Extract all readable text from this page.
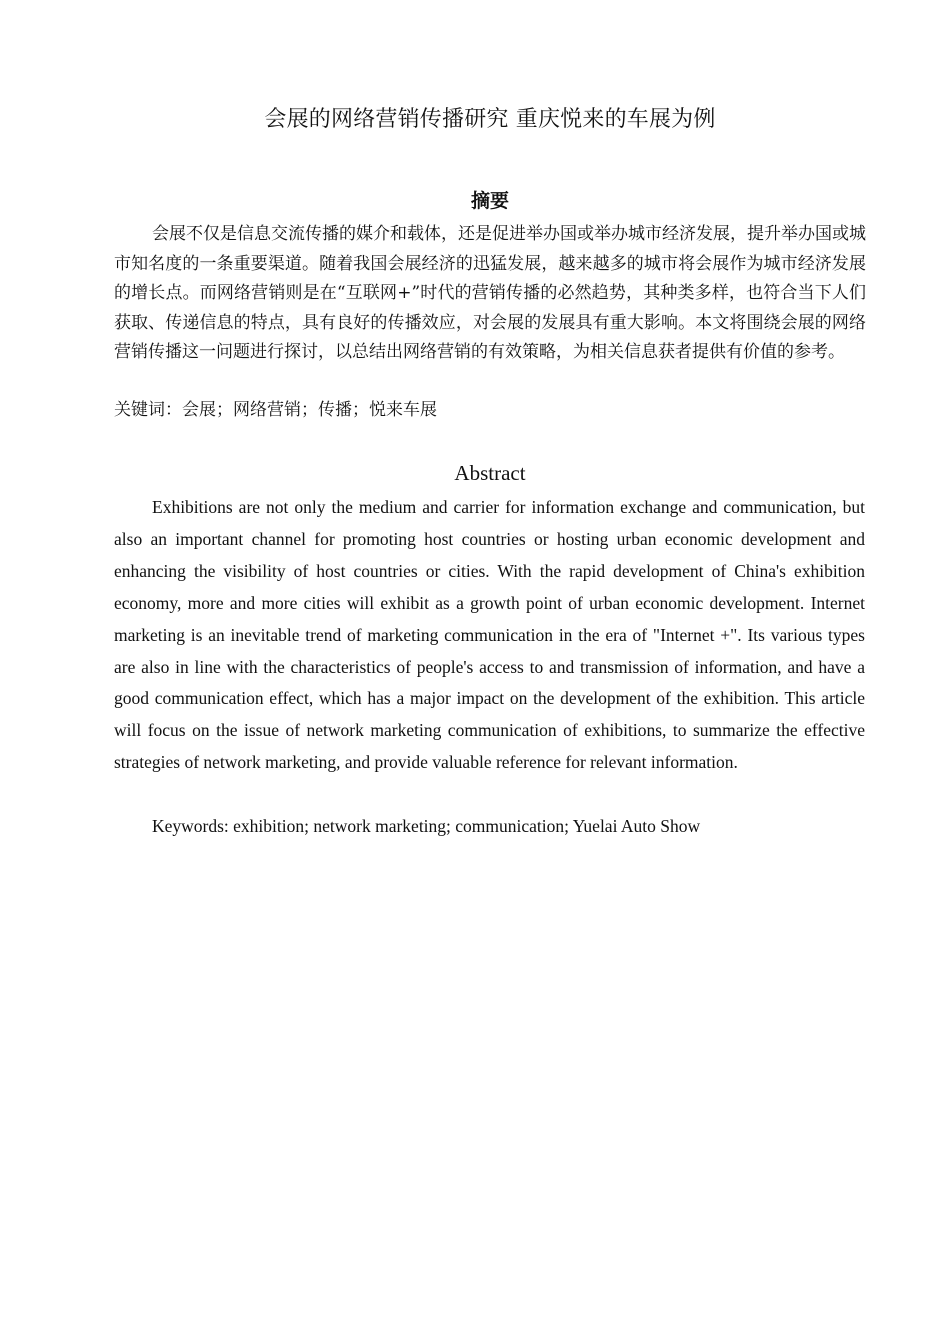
会展的网络营销传播研究 重庆悦来的车展为例
摘要

会展不仅是信息交流传播的媒介和载体，还是促进举办国或举办城市经济发展，提升举办国或城市知名度的一条重要渠道。随着我国会展经济的迅猛发展，越来越多的城市将会展作为城市经济发展的增长点。而网络营销则是在“互联网+”时代的营销传播的必然趋势，其种类多样，也符合当下人们获取、传递信息的特点，具有良好的传播效应，对会展的发展具有重大影响。本文将围绕会展的网络营销传播这一问题进行探讨，以总结出网络营销的有效策略，为相关信息获者提供有价值的参考。

关键词：会展；网络营销；传播；悦来车展

Abstract

Exhibitions are not only the medium and carrier for information exchange and communication, but also an important channel for promoting host countries or hosting urban economic development and enhancing the visibility of host countries or cities. With the rapid development of China's exhibition economy, more and more cities will exhibit as a growth point of urban economic development. Internet marketing is an inevitable trend of marketing communication in the era of "Internet +". Its various types are also in line with the characteristics of people's access to and transmission of information, and have a good communication effect, which has a major impact on the development of the exhibition. This article will focus on the issue of network marketing communication of exhibitions, to summarize the effective strategies of network marketing, and provide valuable reference for relevant information.

Keywords: exhibition; network marketing; communication; Yuelai Auto Show
